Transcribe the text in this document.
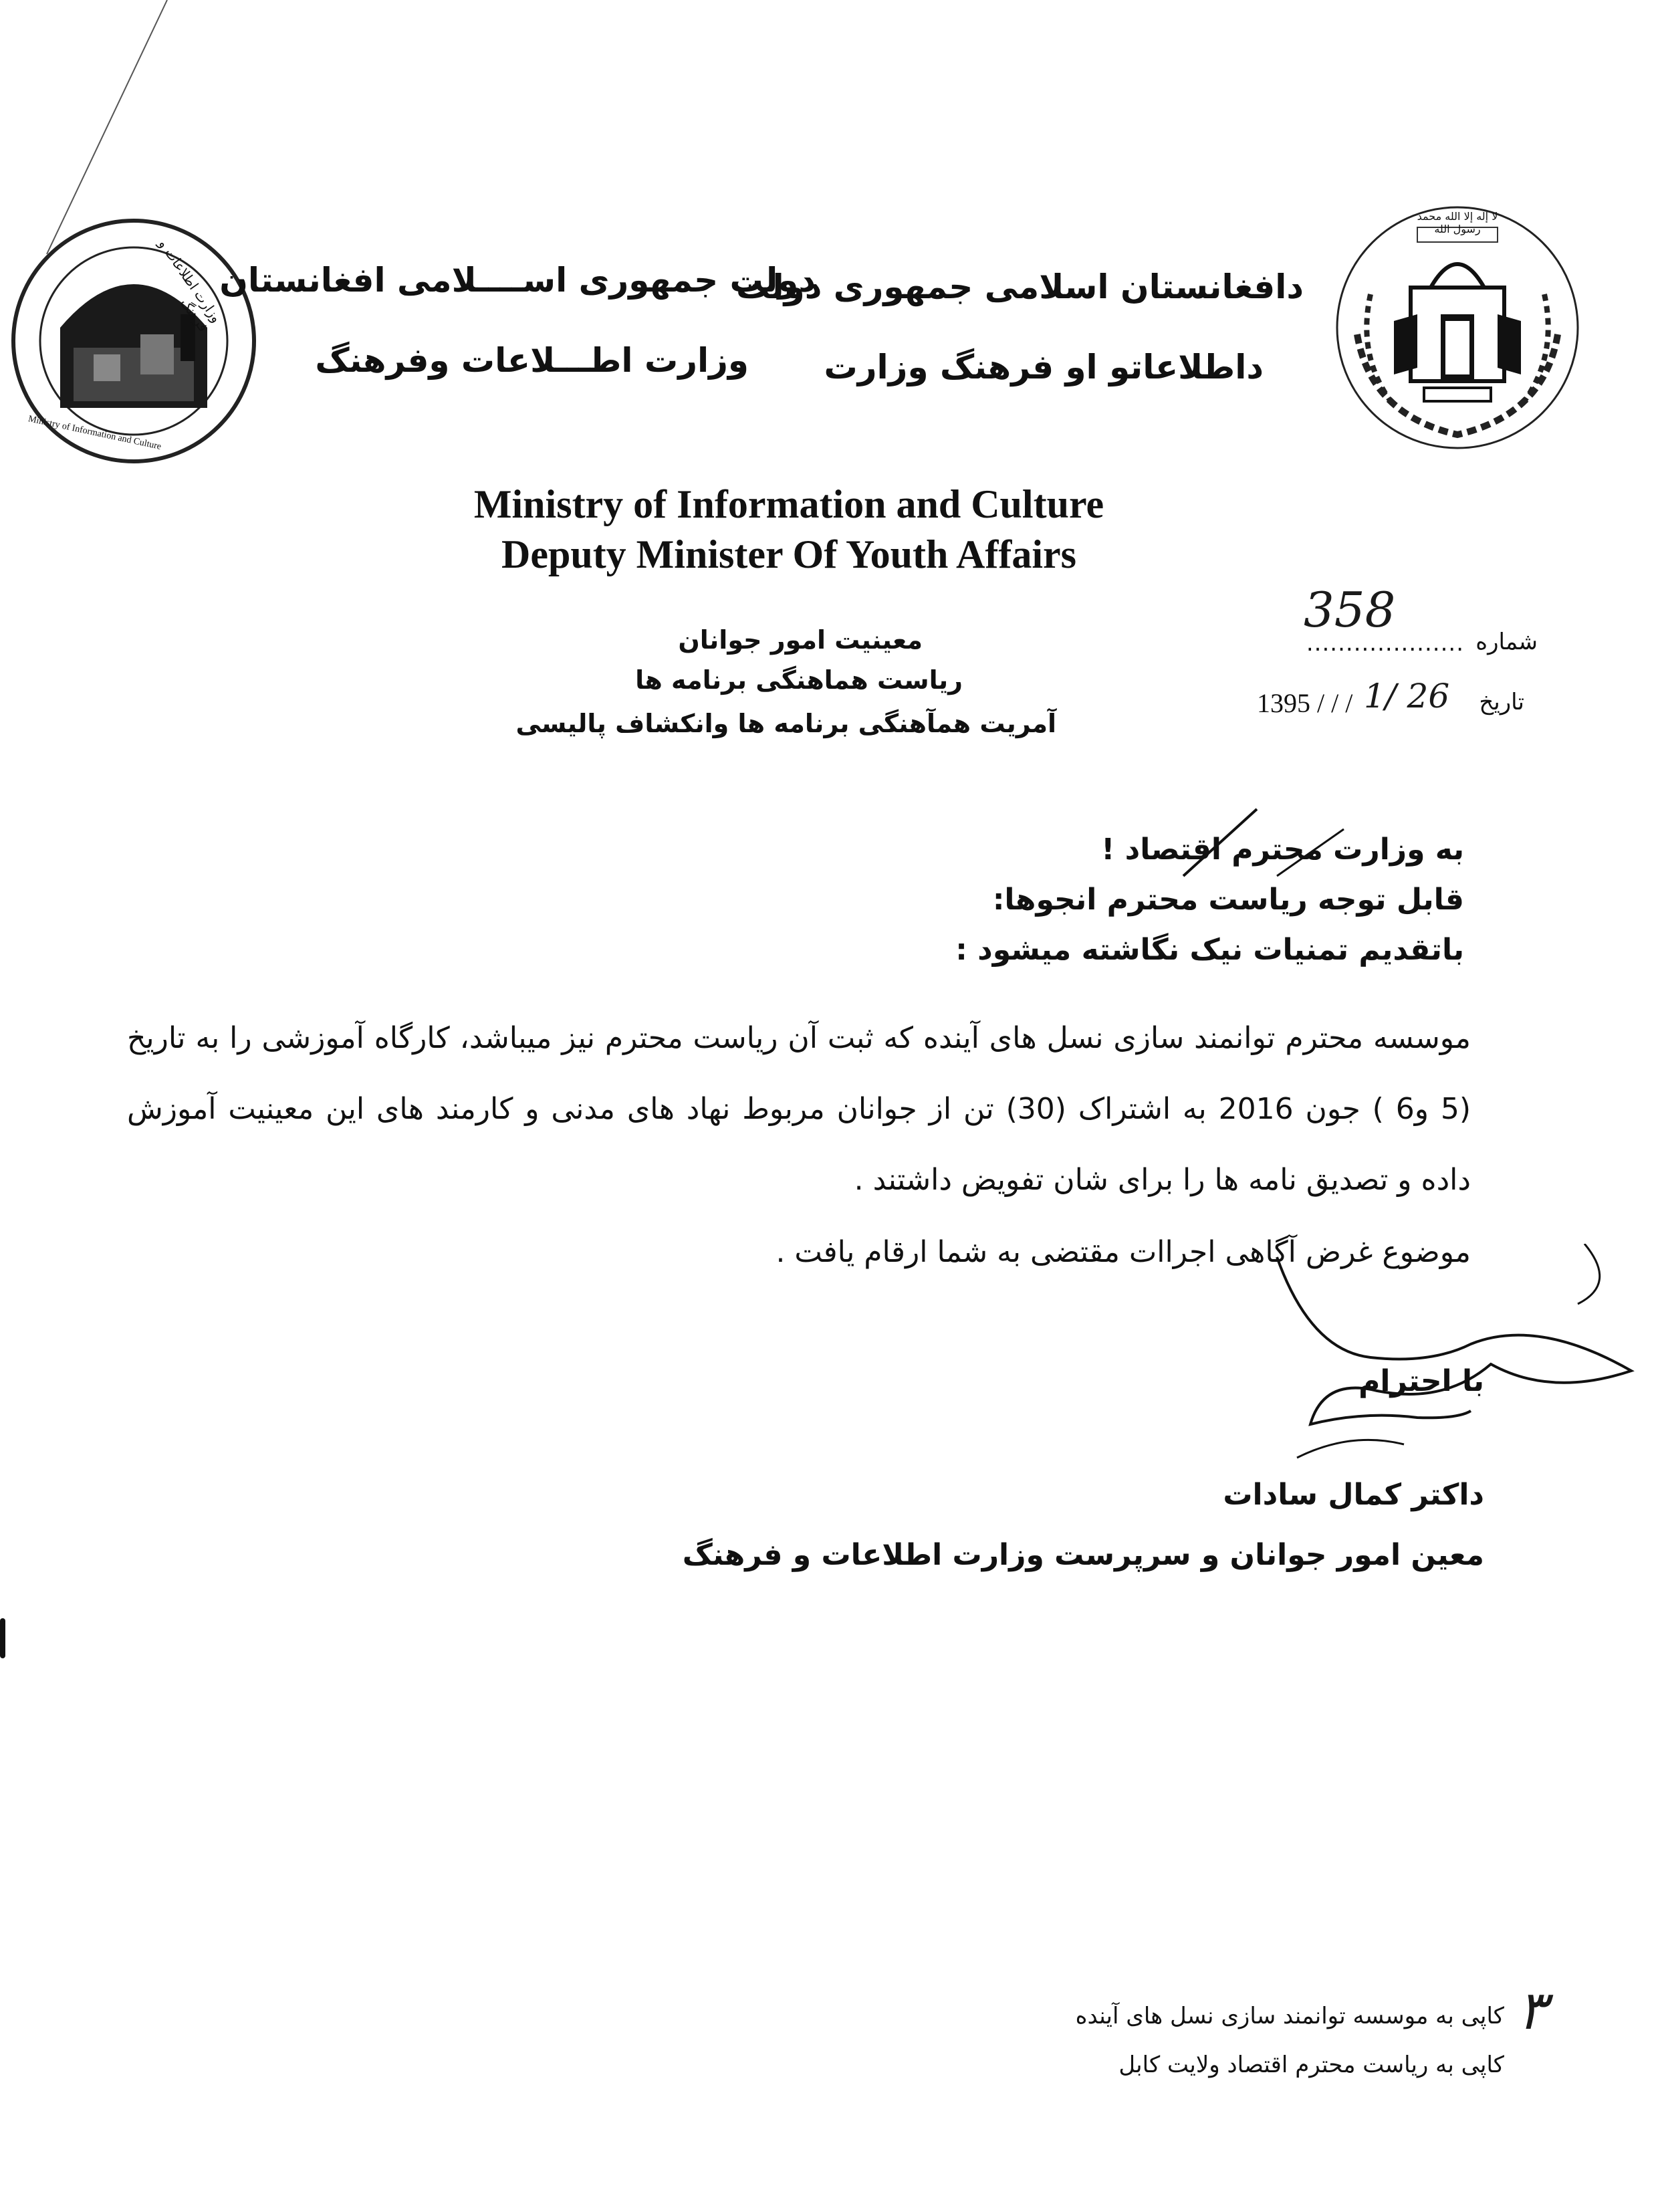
لا إله إلا الله محمد رسول الله
وزارت اطلاعات و فرهنگ
Ministry of Information and Culture
دافغانستان اسلامی جمهوری دولت
دولت جمهوری اســــلامی افغانستان
داطلاعاتو او فرهنگ وزارت
وزارت اطـــلاعات وفرهنگ
Ministry of Information and Culture
Deputy Minister Of Youth Affairs
معینیت امور جوانان
ریاست هماهنگی برنامه ها
آمریت همآهنگی برنامه ها وانکشاف پالیسی
شماره
....................
358
تاریخ
1395 / / / 1/ 26
به وزارت محترم اقتصاد !
قابل توجه ریاست محترم انجوها:
باتقدیم تمنیات نیک نگاشته میشود :
موسسه محترم توانمند سازی نسل های آینده که ثبت آن ریاست محترم نیز میباشد، کارگاه آموزشی را به تاریخ (5 و6 ) جون 2016 به اشتراک (30) تن از جوانان مربوط نهاد های مدنی و کارمند های این معینیت آموزش داده و تصدیق نامه ها را برای شان تفویض داشتند .
موضوع غرض آگاهی اجراات مقتضی به شما ارقام یافت .
با احترام
داکتر کمال سادات
معین امور جوانان و سرپرست وزارت اطلاعات و فرهنگ
کاپی به موسسه توانمند سازی نسل های آینده
کاپی به ریاست محترم اقتصاد ولایت کابل
۳
